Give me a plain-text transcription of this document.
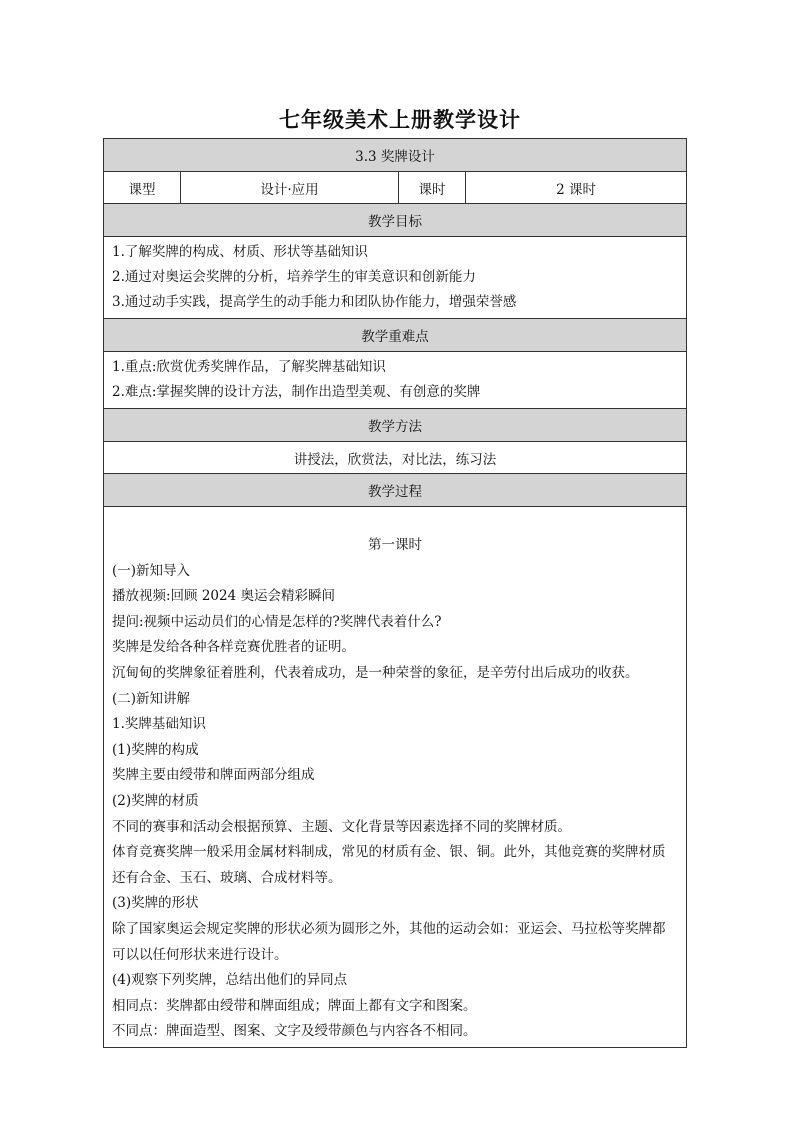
七年级美术上册教学设计
3.3 奖牌设计
课型	设计·应用	课时	2 课时
教学目标

1.了解奖牌的构成、材质、形状等基础知识
2.通过对奥运会奖牌的分析，培养学生的审美意识和创新能力
3.通过动手实践，提高学生的动手能力和团队协作能力，增强荣誉感

教学重难点

1.重点:欣赏优秀奖牌作品，了解奖牌基础知识
2.难点:掌握奖牌的设计方法，制作出造型美观、有创意的奖牌

教学方法
讲授法，欣赏法，对比法，练习法
教学过程

第一课时
(一)新知导入
播放视频:回顾 2024 奥运会精彩瞬间
提问:视频中运动员们的心情是怎样的?奖牌代表着什么?
奖牌是发给各种各样竞赛优胜者的证明。
沉甸甸的奖牌象征着胜利，代表着成功，是一种荣誉的象征，是辛劳付出后成功的收获。
(二)新知讲解
1.奖牌基础知识
(1)奖牌的构成
奖牌主要由绶带和牌面两部分组成
(2)奖牌的材质
不同的赛事和活动会根据预算、主题、文化背景等因素选择不同的奖牌材质。
体育竞赛奖牌一般采用金属材料制成，常见的材质有金、银、铜。此外，其他竞赛的奖牌材质还有合金、玉石、玻璃、合成材料等。
(3)奖牌的形状
除了国家奥运会规定奖牌的形状必须为圆形之外，其他的运动会如：亚运会、马拉松等奖牌都可以以任何形状来进行设计。
(4)观察下列奖牌，总结出他们的异同点
相同点：奖牌都由绶带和牌面组成；牌面上都有文字和图案。
不同点：牌面造型、图案、文字及绶带颜色与内容各不相同。
